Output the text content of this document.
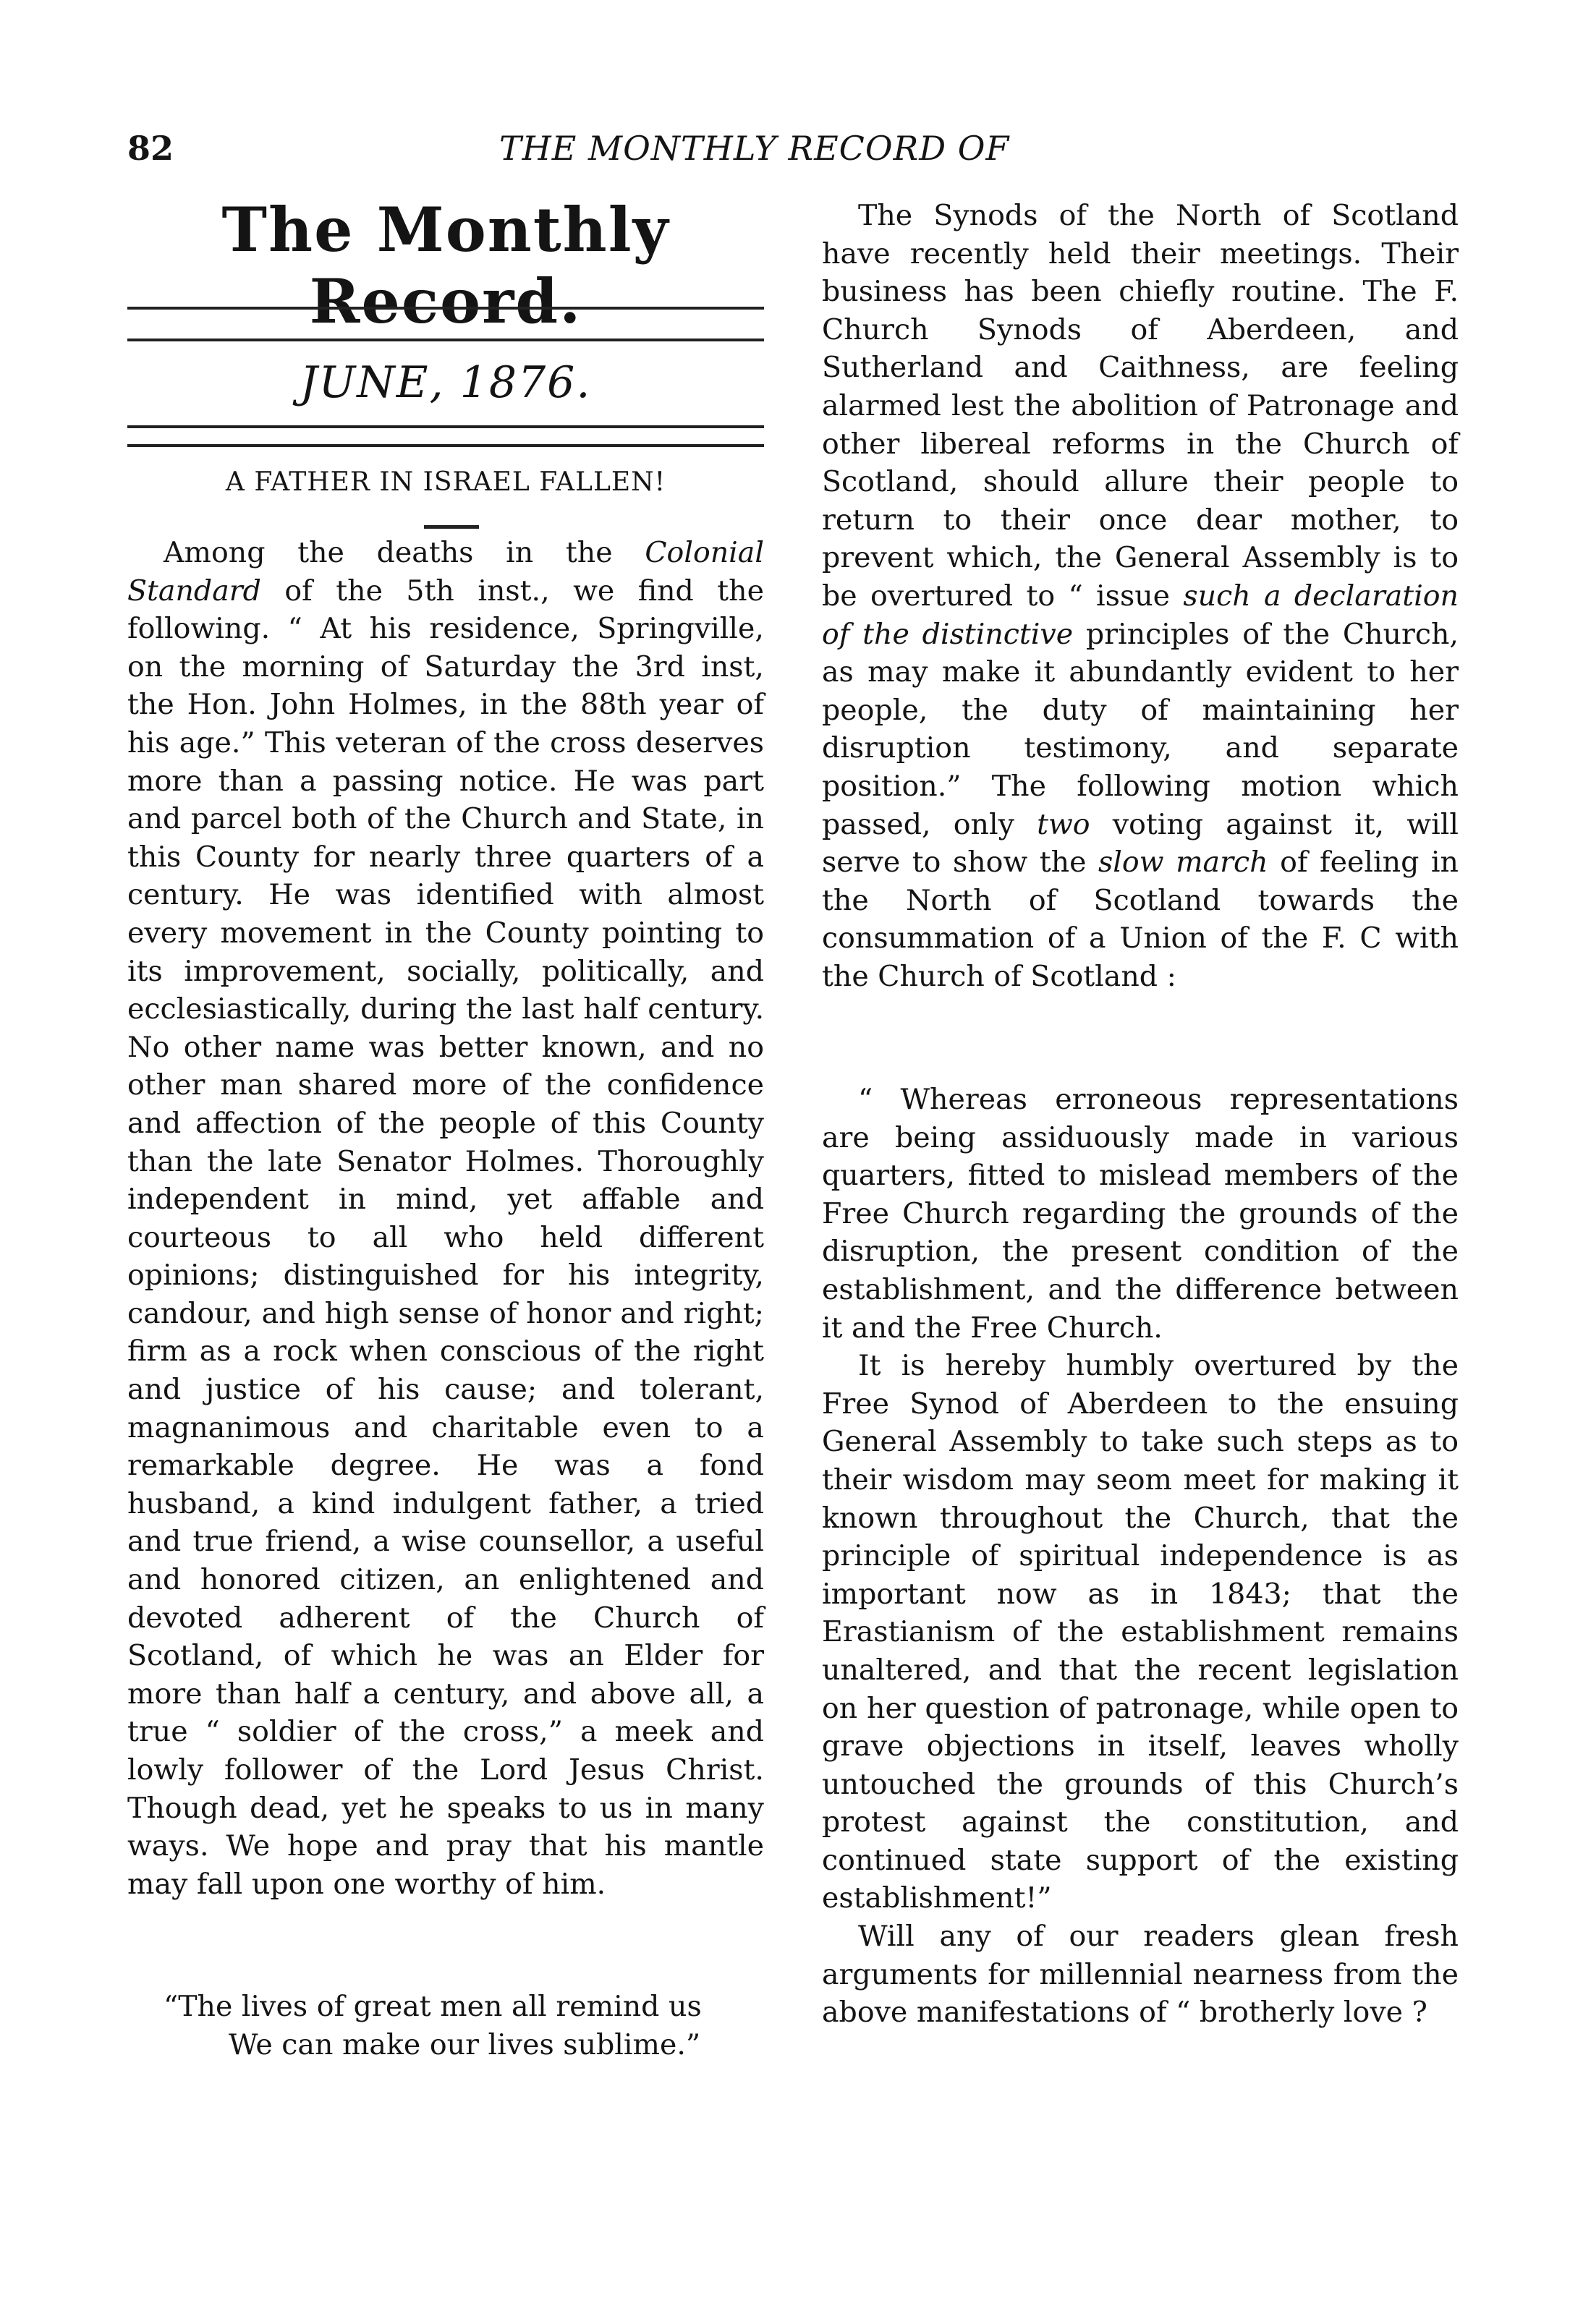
82	THE MONTHLY RECORD OF
The Monthly Record.
JUNE, 1876.
A FATHER IN ISRAEL FALLEN!

Among the deaths in the Colonial Standard of the 5th inst., we find the following. “ At his residence, Springville, on the morning of Saturday the 3rd inst, the Hon. John Holmes, in the 88th year of his age.” This veteran of the cross deserves more than a passing notice. He was part and parcel both of the Church and State, in this County for nearly three quarters of a century. He was identified with almost every movement in the County pointing to its improvement, socially, politically, and ecclesiastically, during the last half century. No other name was better known, and no other man shared more of the confidence and affection of the people of this County than the late Senator Holmes. Thoroughly independent in mind, yet affable and courteous to all who held different opinions; distinguished for his integrity, candour, and high sense of honor and right; firm as a rock when conscious of the right and justice of his cause; and tolerant, magnanimous and charitable even to a remarkable degree. He was a fond husband, a kind indulgent father, a tried and true friend, a wise counsellor, a useful and honored citizen, an enlightened and devoted adherent of the Church of Scotland, of which he was an Elder for more than half a century, and above all, a true “ soldier of the cross,” a meek and lowly follower of the Lord Jesus Christ. Though dead, yet he speaks to us in many ways. We hope and pray that his mantle may fall upon one worthy of him.

“The lives of great men all remind us
We can make our lives sublime.”

The Synods of the North of Scotland have recently held their meetings. Their business has been chiefly routine. The F. Church Synods of Aberdeen, and Sutherland and Caithness, are feeling alarmed lest the abolition of Patronage and other libereal reforms in the Church of Scotland, should allure their people to return to their once dear mother, to prevent which, the General Assembly is to be overtured to “ issue such a declaration of the distinctive principles of the Church, as may make it abundantly evident to her people, the duty of maintaining her disruption testimony, and separate position.” The following motion which passed, only two voting against it, will serve to show the slow march of feeling in the North of Scotland towards the consummation of a Union of the F. C with the Church of Scotland :

“ Whereas erroneous representations are being assiduously made in various quarters, fitted to mislead members of the Free Church regarding the grounds of the disruption, the present condition of the establishment, and the difference between it and the Free Church.

It is hereby humbly overtured by the Free Synod of Aberdeen to the ensuing General Assembly to take such steps as to their wisdom may seom meet for making it known throughout the Church, that the principle of spiritual independence is as important now as in 1843; that the Erastianism of the establishment remains unaltered, and that the recent legislation on her question of patronage, while open to grave objections in itself, leaves wholly untouched the grounds of this Church’s protest against the constitution, and continued state support of the existing establishment!”

Will any of our readers glean fresh arguments for millennial nearness from the above manifestations of “ brotherly love ?
